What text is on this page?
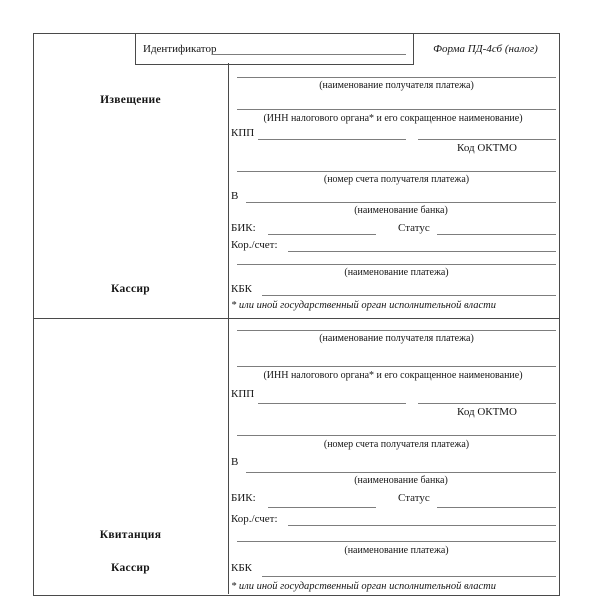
Идентификатор	Форма ПД-4сб (налог)
Извещение
Кассир
(наименование получателя платежа)
(ИНН налогового органа* и его сокращенное наименование)
КПП
Код ОКТМО
(номер счета получателя платежа)
В
(наименование банка)
БИК:	Статус
Кор./счет:
(наименование платежа)
КБК
* или иной государственный орган исполнительной власти
Квитанция
Кассир
(наименование получателя платежа)
(ИНН налогового органа* и его сокращенное наименование)
КПП
Код ОКТМО
(номер счета получателя платежа)
В
(наименование банка)
БИК:	Статус
Кор./счет:
(наименование платежа)
КБК
* или иной государственный орган исполнительной власти
